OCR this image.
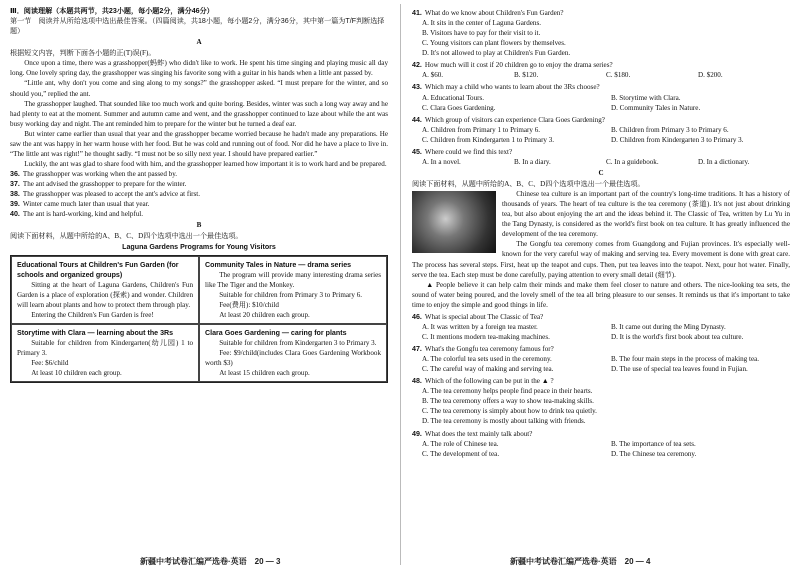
Ⅲ．阅读理解（本题共两节，共23小题，每小题2分，满分46分）

第一节　阅读并从所给选项中选出最佳答案。（四篇阅读，共18小题，每小题2分，满分36分，其中第一篇为T/F判断选择题）

A

根据短文内容，判断下面各小题的正(T)误(F)。

Once upon a time, there was a grasshopper(蚂蚱) who didn't like to work. He spent his time singing and playing music all day long. One lovely spring day, the grasshopper was singing his favorite song with a guitar in his hands when a little ant passed by.

“Little ant, why don't you come and sing along to my songs?” the grasshopper asked. “I must prepare for the winter, and so should you,” replied the ant.

The grasshopper laughed. That sounded like too much work and quite boring. Besides, winter was such a long way away and he had plenty to eat at the moment. Summer and autumn came and went, and the grasshopper continued to laze about while the ant was busy working day and night. The ant reminded him to prepare for the winter but he turned a deaf ear.

But winter came earlier than usual that year and the grasshopper became worried because he hadn't made any preparations. He saw the ant was happy in her warm house with her food. But he was cold and running out of food. Nor did he have a place to live in. “The little ant was right!” he thought sadly. “I must not be so silly next year. I should have prepared earlier.”

Luckily, the ant was glad to share food with him, and the grasshopper learned how important it is to work hard and be prepared.

36. The grasshopper was working when the ant passed by.

37. The ant advised the grasshopper to prepare for the winter.

38. The grasshopper was pleased to accept the ant's advice at first.

39. Winter came much later than usual that year.

40. The ant is hard-working, kind and helpful.

B

阅读下面材料，从题中所给的A、B、C、D四个选项中选出一个最佳选项。

Laguna Gardens Programs for Young Visitors

Educational Tours at Children's Fun Garden (for schools and organized groups)
Sitting at the heart of Laguna Gardens, Children's Fun Garden is a place of exploration (探索) and wonder. Children will learn about plants and how to protect them through play.
Entering the Children's Fun Garden is free!
Community Tales in Nature — drama series
The program will provide many interesting drama series like The Tiger and the Monkey.
Suitable for children from Primary 3 to Primary 6.
Fee(费用): $10/child
At least 20 children each group.
Storytime with Clara — learning about the 3Rs
Suitable for children from Kindergarten(幼儿园) 1 to Primary 3.
Fee: $6/child
At least 10 children each group.
Clara Goes Gardening — caring for plants
Suitable for children from Kindergarten 3 to Primary 3.
Fee: $9/child(includes Clara Goes Gardening Workbook worth $3)
At least 15 children each group.

41. What do we know about Children's Fun Garden?

A. It sits in the center of Laguna Gardens.
B. Visitors have to pay for their visit to it.
C. Young visitors can plant flowers by themselves.
D. It's not allowed to play at Children's Fun Garden.

42. How much will it cost if 20 children go to enjoy the drama series?

A. $60.	B. $120.	C. $180.	D. $200.

43. Which may a child who wants to learn about the 3Rs choose?

A. Educational Tours.	B. Storytime with Clara.
C. Clara Goes Gardening.	D. Community Tales in Nature.

44. Which group of visitors can experience Clara Goes Gardening?

A. Children from Primary 1 to Primary 6.	B. Children from Primary 3 to Primary 6.
C. Children from Kindergarten 1 to Primary 3.	D. Children from Kindergarten 3 to Primary 3.

45. Where could we find this text?

A. In a novel.	B. In a diary.	C. In a guidebook.	D. In a dictionary.

C

阅读下面材料，从题中所给的A、B、C、D四个选项中选出一个最佳选项。

Chinese tea culture is an important part of the country's long-time traditions. It has a history of thousands of years. The heart of tea culture is the tea ceremony (茶道). It's not just about drinking tea, but also about enjoying the art and the ideas behind it. The Classic of Tea, written by Lu Yu in the Tang Dynasty, is considered as the world's first book on tea culture. It has greatly influenced the development of the tea ceremony.

The Gongfu tea ceremony comes from Guangdong and Fujian provinces. It's especially well-known for the very careful way of making and serving tea. Every movement is done with great care. The process has several steps. First, heat up the teapot and cups. Then, put tea leaves into the teapot. Next, pour hot water. Finally, serve the tea. Each step must be done carefully, paying attention to every small detail (细节).

▲ People believe it can help calm their minds and make them feel closer to nature and others. The nice-looking tea sets, the sound of water being poured, and the lovely smell of the tea all bring pleasure to our senses. It reminds us that it's important to take time to enjoy the simple and good things in life.

46. What is special about The Classic of Tea?

A. It was written by a foreign tea master.	B. It came out during the Ming Dynasty.
C. It mentions modern tea-making machines.	D. It is the world's first book about tea culture.

47. What's the Gongfu tea ceremony famous for?

A. The colorful tea sets used in the ceremony.	B. The four main steps in the process of making tea.
C. The careful way of making and serving tea.	D. The use of special tea leaves found in Fujian.

48. Which of the following can be put in the ▲ ?

A. The tea ceremony helps people find peace in their hearts.
B. The tea ceremony offers a way to show tea-making skills.
C. The tea ceremony is simply about how to drink tea quietly.
D. The tea ceremony is mostly about talking with friends.

49. What does the text mainly talk about?

A. The role of Chinese tea.	B. The importance of tea sets.
C. The development of tea.	D. The Chinese tea ceremony.
新疆中考试卷汇编严选卷·英语　20 — 3	新疆中考试卷汇编严选卷·英语　20 — 4
